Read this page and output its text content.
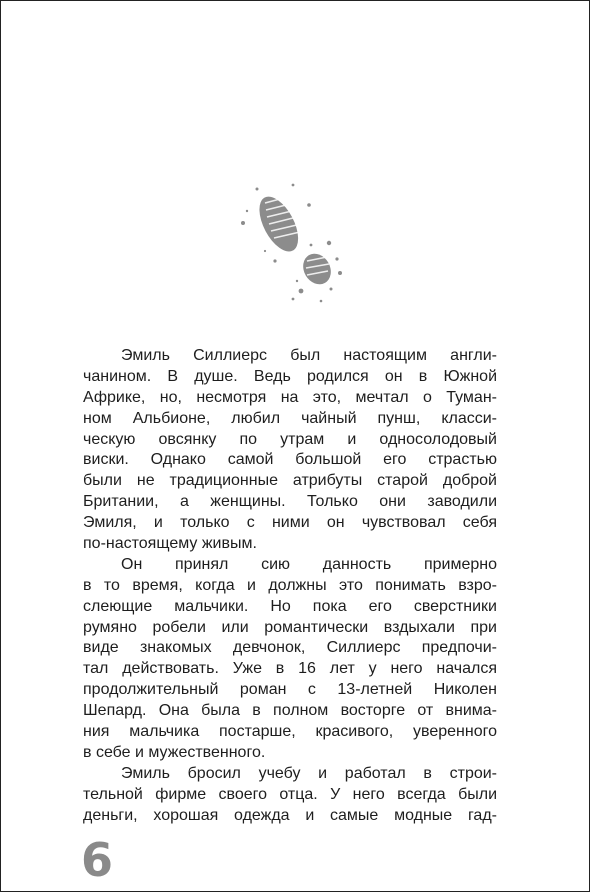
Эмиль Силлиерс был настоящим англи-
чанином. В душе. Ведь родился он в Южной
Африке, но, несмотря на это, мечтал о Туман-
ном Альбионе, любил чайный пунш, класси-
ческую овсянку по утрам и односолодовый
виски. Однако самой большой его страстью
были не традиционные атрибуты старой доброй
Британии, а женщины. Только они заводили
Эмиля, и только с ними он чувствовал себя
по-настоящему живым.
Он принял сию данность примерно
в то время, когда и должны это понимать взро-
слеющие мальчики. Но пока его сверстники
румяно робели или романтически вздыхали при
виде знакомых девчонок, Силлиерс предпочи-
тал действовать. Уже в 16 лет у него начался
продолжительный роман с 13-летней Николен
Шепард. Она была в полном восторге от внима-
ния мальчика постарше, красивого, уверенного
в себе и мужественного.
Эмиль бросил учебу и работал в строи-
тельной фирме своего отца. У него всегда были
деньги, хорошая одежда и самые модные гад-
6
